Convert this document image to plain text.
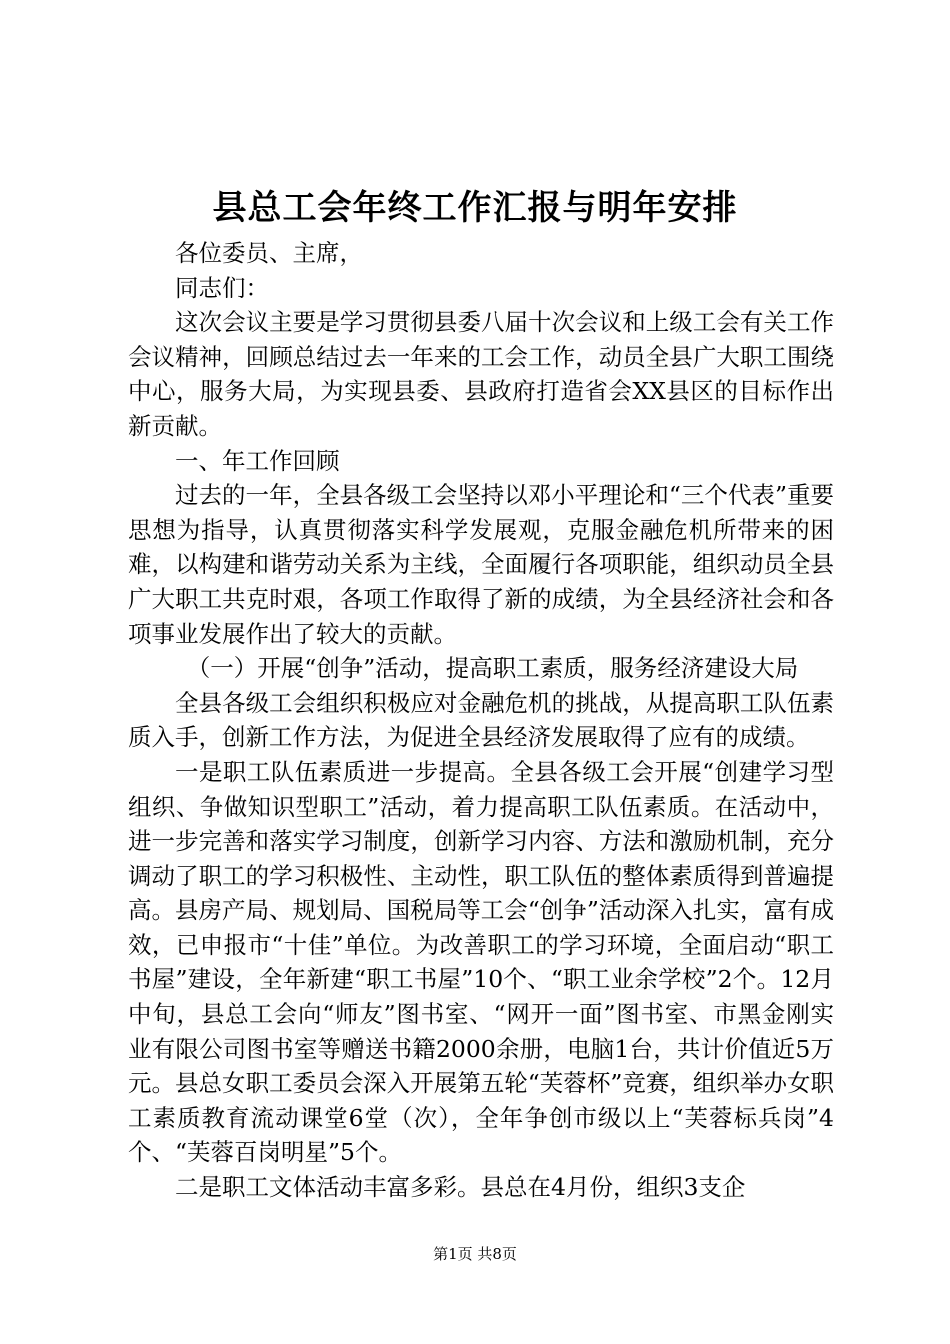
县总工会年终工作汇报与明年安排

各位委员、主席，

同志们：

这次会议主要是学习贯彻县委八届十次会议和上级工会有关工作会议精神，回顾总结过去一年来的工会工作，动员全县广大职工围绕中心，服务大局，为实现县委、县政府打造省会XX县区的目标作出新贡献。

一、年工作回顾

过去的一年，全县各级工会坚持以邓小平理论和“三个代表”重要思想为指导，认真贯彻落实科学发展观，克服金融危机所带来的困难，以构建和谐劳动关系为主线，全面履行各项职能，组织动员全县广大职工共克时艰，各项工作取得了新的成绩，为全县经济社会和各项事业发展作出了较大的贡献。

（一）开展“创争”活动，提高职工素质，服务经济建设大局

全县各级工会组织积极应对金融危机的挑战，从提高职工队伍素质入手，创新工作方法，为促进全县经济发展取得了应有的成绩。

一是职工队伍素质进一步提高。全县各级工会开展“创建学习型组织、争做知识型职工”活动，着力提高职工队伍素质。在活动中，进一步完善和落实学习制度，创新学习内容、方法和激励机制，充分调动了职工的学习积极性、主动性，职工队伍的整体素质得到普遍提高。县房产局、规划局、国税局等工会“创争”活动深入扎实，富有成效，已申报市“十佳”单位。为改善职工的学习环境，全面启动“职工书屋”建设，全年新建“职工书屋”10个、“职工业余学校”2个。12月中旬，县总工会向“师友”图书室、“网开一面”图书室、市黑金刚实业有限公司图书室等赠送书籍2000余册，电脑1台，共计价值近5万元。县总女职工委员会深入开展第五轮“芙蓉杯”竞赛，组织举办女职工素质教育流动课堂6堂（次），全年争创市级以上“芙蓉标兵岗”4个、“芙蓉百岗明星”5个。

二是职工文体活动丰富多彩。县总在4月份，组织3支企

第1页 共8页
